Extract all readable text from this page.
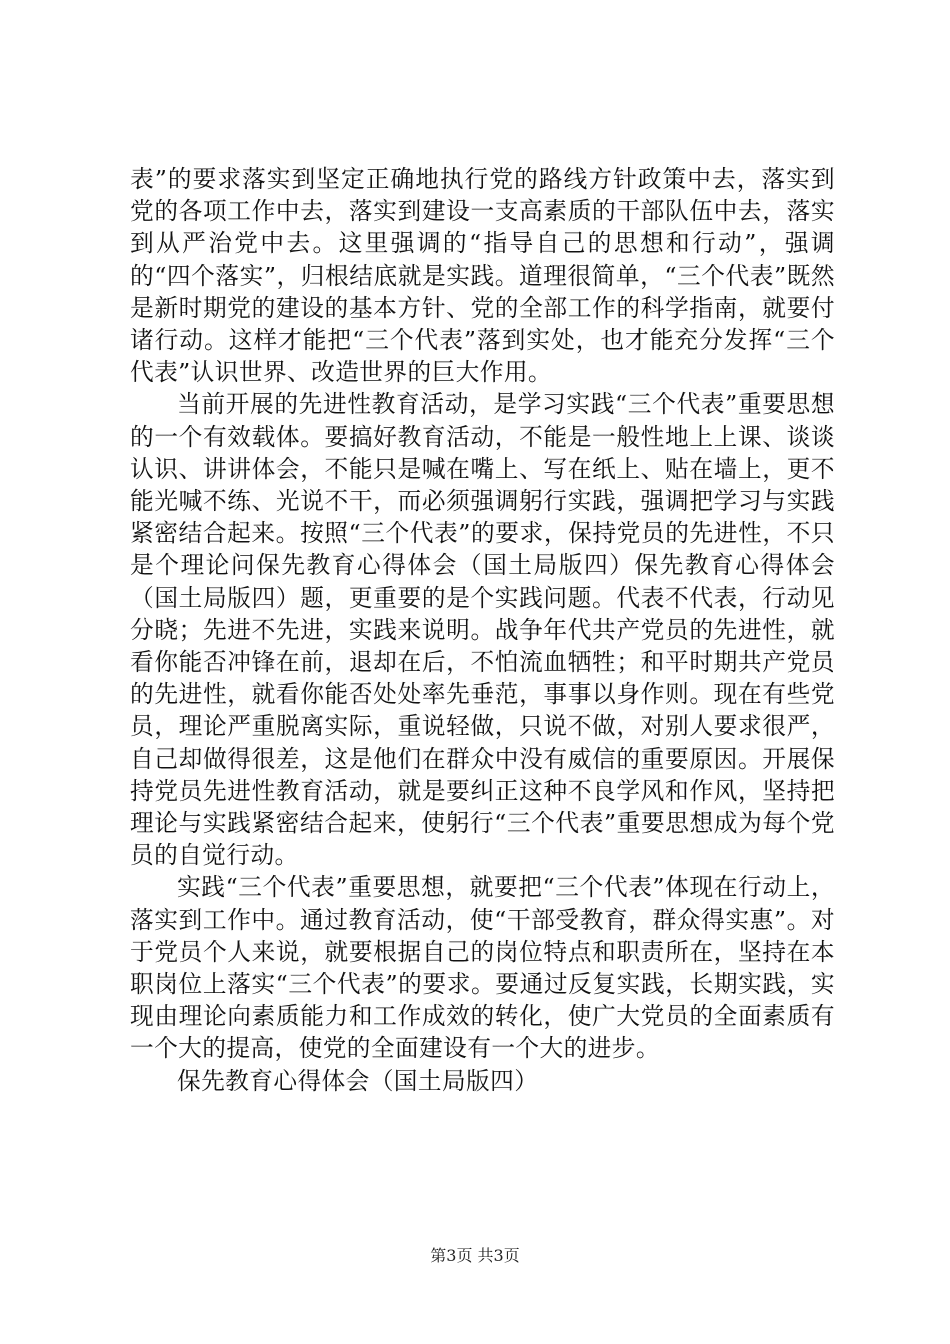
表”的要求落实到坚定正确地执行党的路线方针政策中去，落实到党的各项工作中去，落实到建设一支高素质的干部队伍中去，落实到从严治党中去。这里强调的“指导自己的思想和行动”，强调的“四个落实”，归根结底就是实践。道理很简单，“三个代表”既然是新时期党的建设的基本方针、党的全部工作的科学指南，就要付诸行动。这样才能把“三个代表”落到实处，也才能充分发挥“三个代表”认识世界、改造世界的巨大作用。

当前开展的先进性教育活动，是学习实践“三个代表”重要思想的一个有效载体。要搞好教育活动，不能是一般性地上上课、谈谈认识、讲讲体会，不能只是喊在嘴上、写在纸上、贴在墙上，更不能光喊不练、光说不干，而必须强调躬行实践，强调把学习与实践紧密结合起来。按照“三个代表”的要求，保持党员的先进性，不只是个理论问保先教育心得体会（国土局版四）保先教育心得体会（国土局版四）题，更重要的是个实践问题。代表不代表，行动见分晓；先进不先进，实践来说明。战争年代共产党员的先进性，就看你能否冲锋在前，退却在后，不怕流血牺牲；和平时期共产党员的先进性，就看你能否处处率先垂范，事事以身作则。现在有些党员，理论严重脱离实际，重说轻做，只说不做，对别人要求很严，自己却做得很差，这是他们在群众中没有威信的重要原因。开展保持党员先进性教育活动，就是要纠正这种不良学风和作风，坚持把理论与实践紧密结合起来，使躬行“三个代表”重要思想成为每个党员的自觉行动。

实践“三个代表”重要思想，就要把“三个代表”体现在行动上，落实到工作中。通过教育活动，使“干部受教育，群众得实惠”。对于党员个人来说，就要根据自己的岗位特点和职责所在，坚持在本职岗位上落实“三个代表”的要求。要通过反复实践，长期实践，实现由理论向素质能力和工作成效的转化，使广大党员的全面素质有一个大的提高，使党的全面建设有一个大的进步。

保先教育心得体会（国土局版四）

第3页 共3页
